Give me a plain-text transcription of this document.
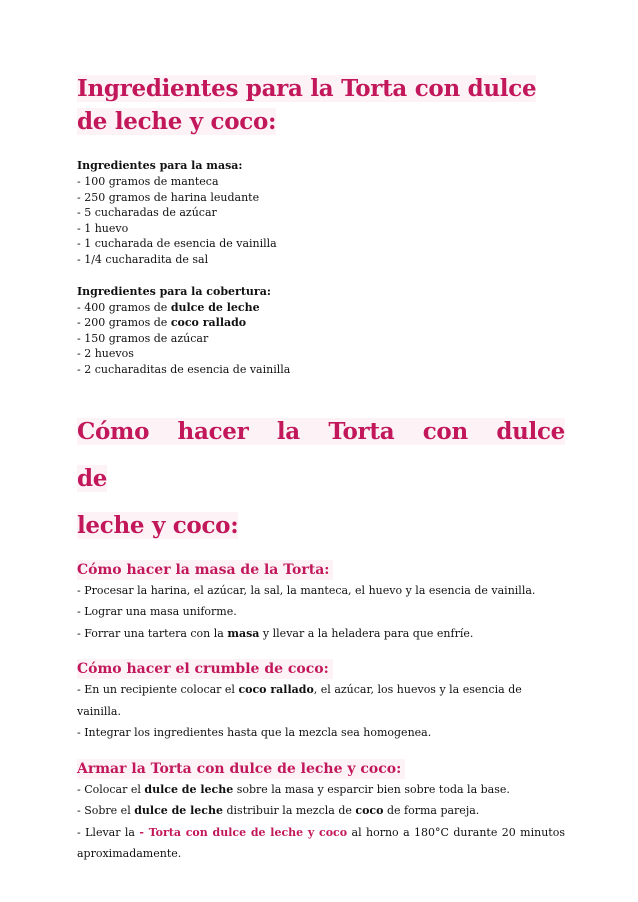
Ingredientes para la Torta con dulce
de leche y coco:

Ingredientes para la masa:

- 100 gramos de manteca
- 250 gramos de harina leudante
- 5 cucharadas de azúcar
- 1 huevo
- 1 cucharada de esencia de vainilla
- 1/4 cucharadita de sal

Ingredientes para la cobertura:

- 400 gramos de dulce de leche
- 200 gramos de coco rallado
- 150 gramos de azúcar
- 2 huevos
- 2 cucharaditas de esencia de vainilla
Cómo hacer la Torta con dulce de
leche y coco:
Cómo hacer la masa de la Torta:
- Procesar la harina, el azúcar, la sal, la manteca, el huevo y la esencia de vainilla.
- Lograr una masa uniforme.
- Forrar una tartera con la masa y llevar a la heladera para que enfríe.
Cómo hacer el crumble de coco:
- En un recipiente colocar el coco rallado, el azúcar, los huevos y la esencia de vainilla.
- Integrar los ingredientes hasta que la mezcla sea homogenea.
Armar la Torta con dulce de leche y coco:
- Colocar el dulce de leche sobre la masa y esparcir bien sobre toda la base.
- Sobre el dulce de leche distribuir la mezcla de coco de forma pareja.
- Llevar la - Torta con dulce de leche y coco al horno a 180°C durante 20 minutos aproximadamente.
